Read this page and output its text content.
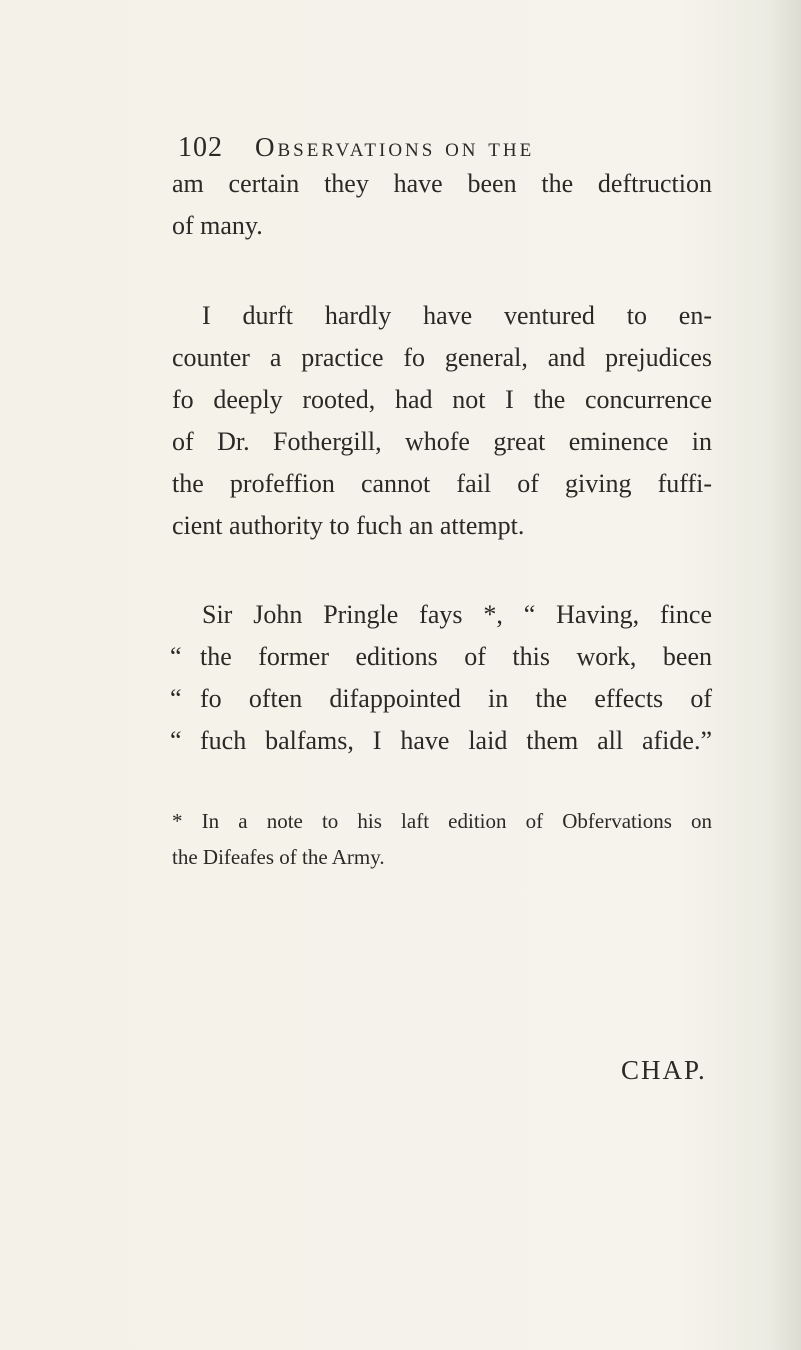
102 Observations on the

am certain they have been the deftruction

of many.

I durft hardly have ventured to en-

counter a practice fo general, and prejudices

fo deeply rooted, had not I the concurrence

of Dr. Fothergill, whofe great eminence in

the profeffion cannot fail of giving fuffi-

cient authority to fuch an attempt.

Sir John Pringle fays *, “ Having, fince

“ the former editions of this work, been

“ fo often difappointed in the effects of

“ fuch balfams, I have laid them all afide.”

* In a note to his laft edition of Obfervations on

the Difeafes of the Army.

CHAP.
